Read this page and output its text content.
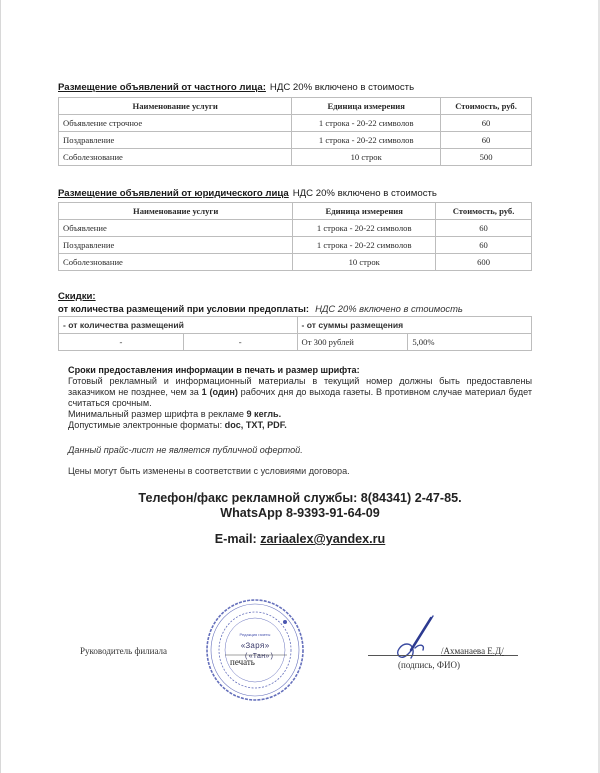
Размещение объявлений от частного лица: НДС 20% включено в стоимость
Наименование услуги	Единица измерения	Стоимость, руб.
Объявление строчное	1 строка - 20-22 символов	60
Поздравление	1 строка - 20-22 символов	60
Соболезнование	10 строк	500
Размещение объявлений от юридического лица НДС 20% включено в стоимость
Наименование услуги	Единица измерения	Стоимость, руб.
Объявление	1 строка - 20-22 символов	60
Поздравление	1 строка - 20-22 символов	60
Соболезнование	10 строк	600
Скидки:
от количества размещений при условии предоплаты: НДС 20% включено в стоимость
- от количества размещений		- от суммы размещения	
-	-	От 300 рублей	5,00%

Сроки предоставления информации в печать и размер шрифта:

Готовый рекламный и информационный материалы в текущий номер должны быть предоставлены заказчиком не позднее, чем за 1 (один) рабочих дня до выхода газеты. В противном случае материал будет считаться срочным.

Минимальный размер шрифта в рекламе 9 кегль.

Допустимые электронные форматы: doc, TXT, PDF.

Данный прайс-лист не является публичной офертой.
Цены могут быть изменены в соответствии с условиями договора.
Телефон/факс рекламной службы: 8(84341) 2-47-85.
WhatsApp 8-9393-91-64-09
E-mail: zariaalex@yandex.ru
Руководитель филиала
Редакция газеты
«Заря»
(«Тан»)
печать
/Ахманаева Е.Д/
(подпись, ФИО)
